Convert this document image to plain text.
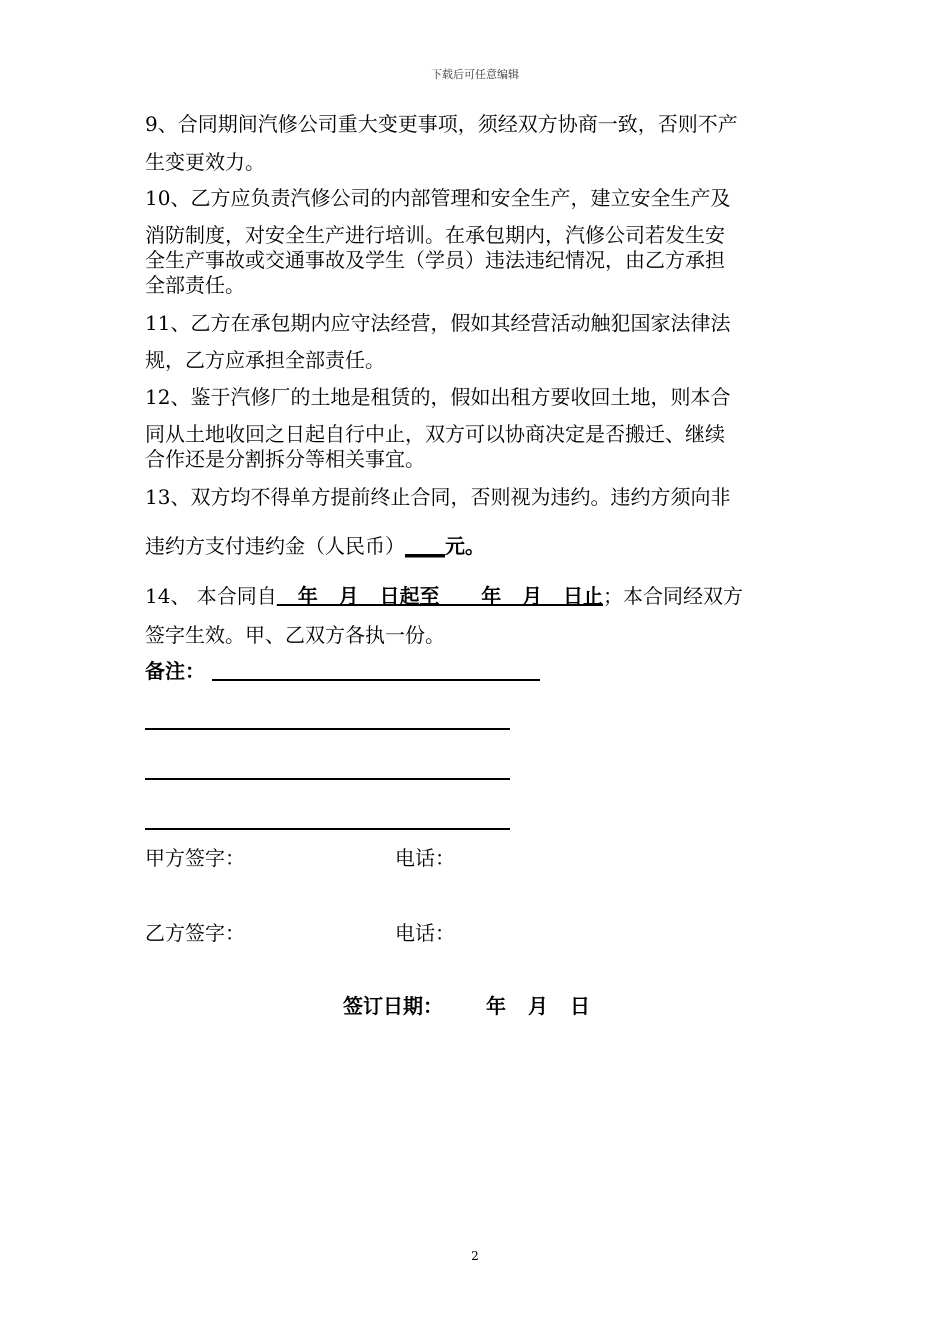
下载后可任意编辑
9、合同期间汽修公司重大变更事项，须经双方协商一致，否则不产
生变更效力。
10、乙方应负责汽修公司的内部管理和安全生产，建立安全生产及
消防制度，对安全生产进行培训。在承包期内，汽修公司若发生安
全生产事故或交通事故及学生（学员）违法违纪情况，由乙方承担
全部责任。
11、乙方在承包期内应守法经营，假如其经营活动触犯国家法律法
规，乙方应承担全部责任。
12、鉴于汽修厂的土地是租赁的，假如出租方要收回土地，则本合
同从土地收回之日起自行中止，双方可以协商决定是否搬迁、继续
合作还是分割拆分等相关事宜。
13、双方均不得单方提前终止合同，否则视为违约。违约方须向非
违约方支付违约金（人民币）____元。
14、 本合同自   年   月   日起至      年   月   日止；本合同经双方
签字生效。甲、乙双方各执一份。
备注：
甲方签字：	电话：
乙方签字：	电话：
签订日期： 年 月 日
2
